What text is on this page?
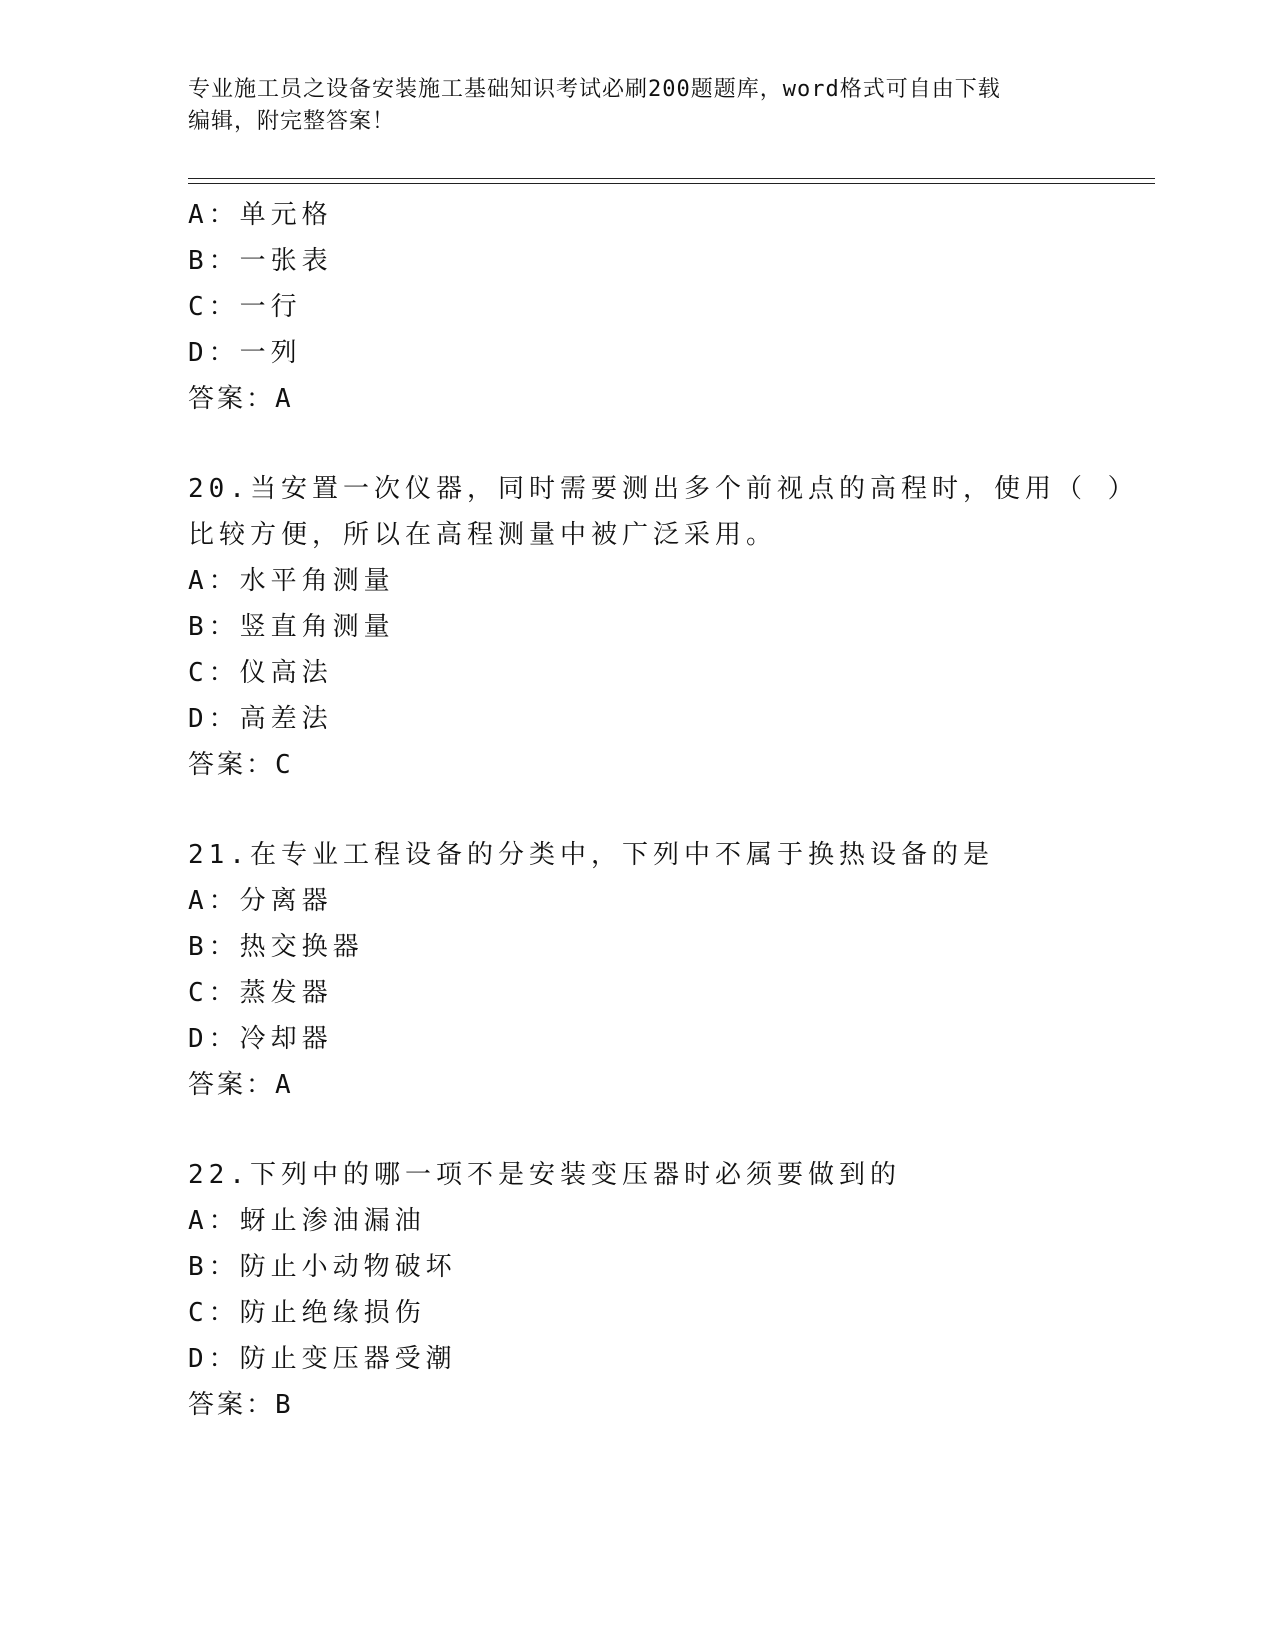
专业施工员之设备安装施工基础知识考试必刷200题题库，word格式可自由下载
编辑，附完整答案！
A：单元格
B：一张表
C：一行
D：一列
答案：A
20.当安置一次仪器，同时需要测出多个前视点的高程时，使用（ ）
比较方便，所以在高程测量中被广泛采用。
A：水平角测量
B：竖直角测量
C：仪高法
D：高差法
答案：C
21.在专业工程设备的分类中，下列中不属于换热设备的是
A：分离器
B：热交换器
C：蒸发器
D：冷却器
答案：A
22.下列中的哪一项不是安装变压器时必须要做到的
A：蚜止渗油漏油
B：防止小动物破坏
C：防止绝缘损伤
D：防止变压器受潮
答案：B
